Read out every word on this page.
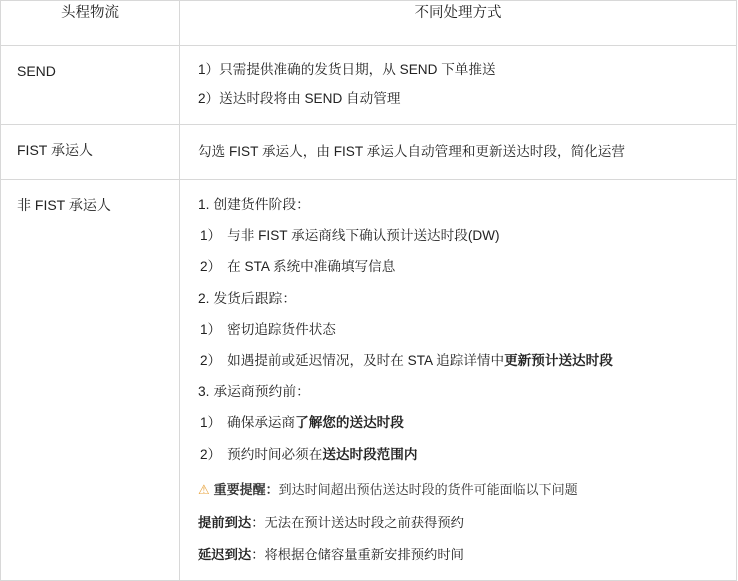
头程物流	不同处理方式

SEND	1）只需提供准确的发货日期，从 SEND 下单推送
2）送达时段将由 SEND 自动管理

FIST 承运人	勾选 FIST 承运人，由 FIST 承运人自动管理和更新送达时段，简化运营

非 FIST 承运人	1. 创建货件阶段：
1） 与非 FIST 承运商线下确认预计送达时段(DW)
2） 在 STA 系统中准确填写信息
2. 发货后跟踪：
1） 密切追踪货件状态
2） 如遇提前或延迟情况，及时在 STA 追踪详情中更新预计送达时段
3. 承运商预约前：
1） 确保承运商了解您的送达时段
2） 预约时间必须在送达时段范围内
⚠ 重要提醒：到达时间超出预估送达时段的货件可能面临以下问题
提前到达：无法在预计送达时段之前获得预约
延迟到达：将根据仓储容量重新安排预约时间
